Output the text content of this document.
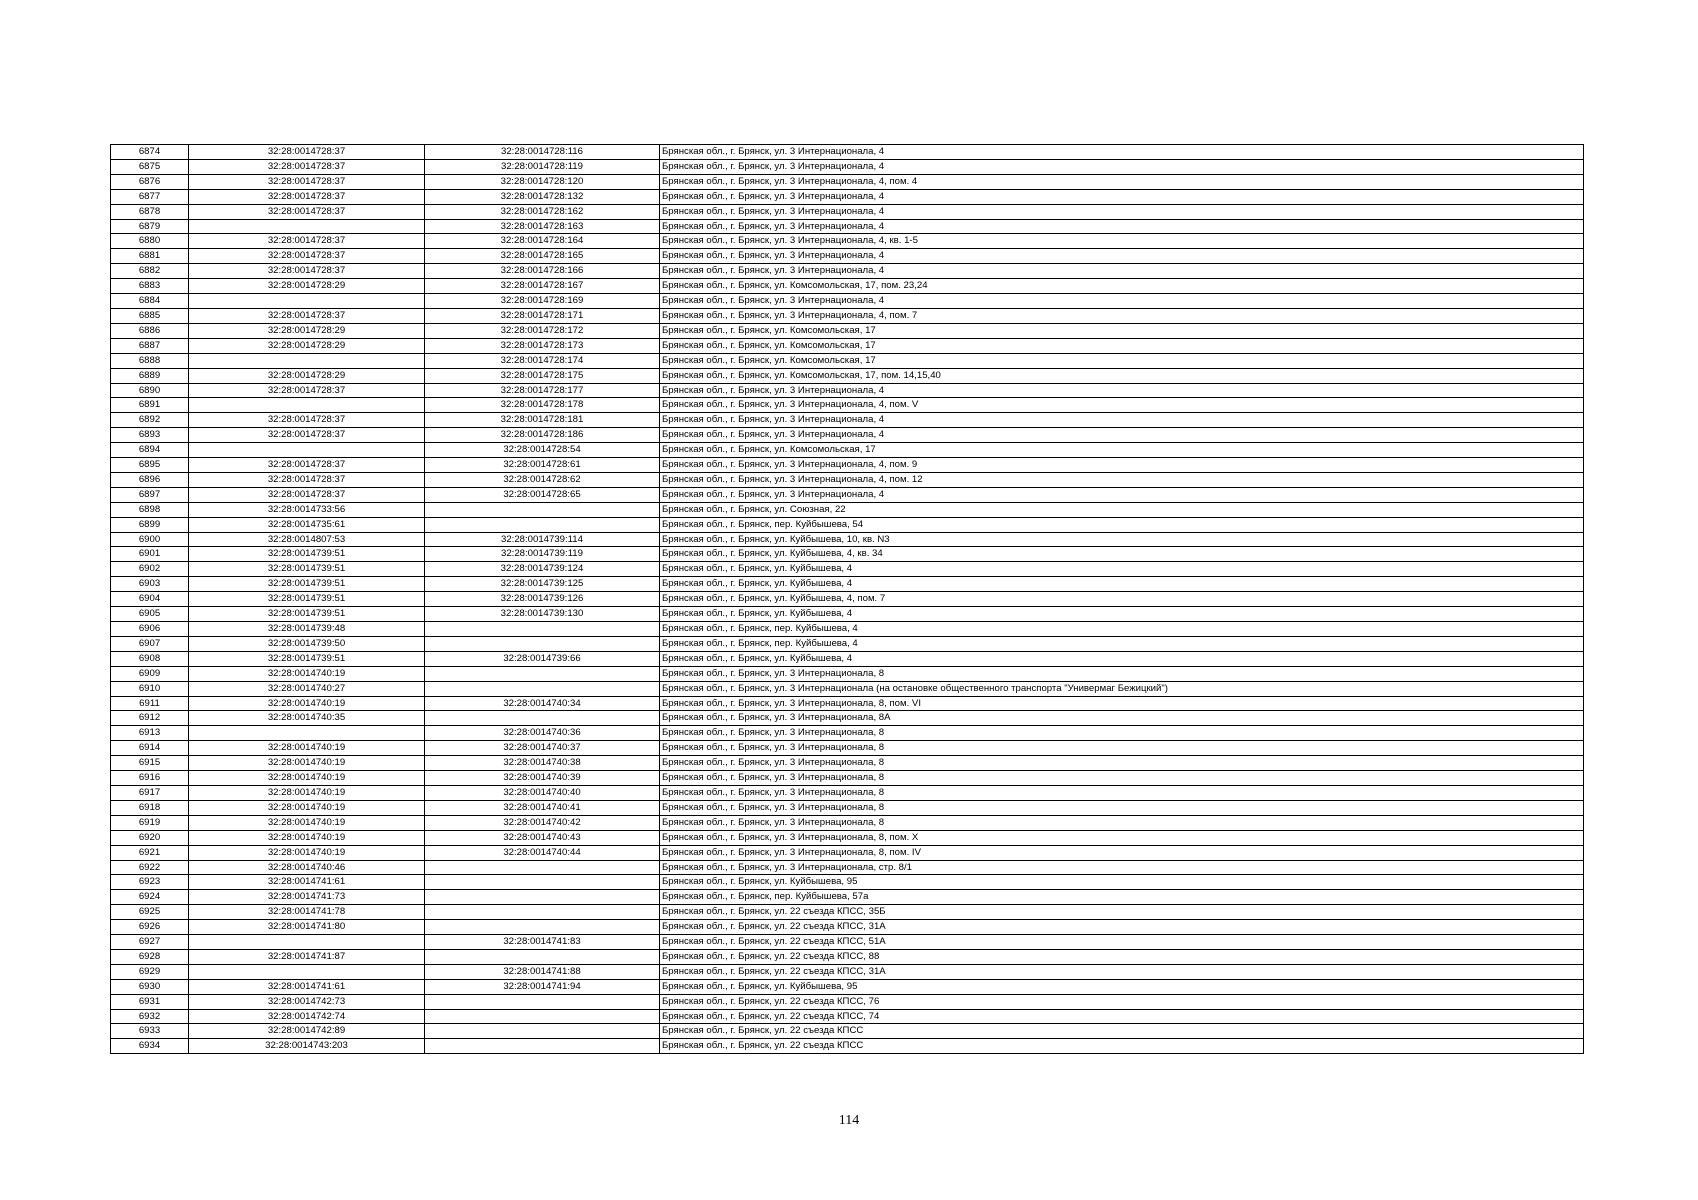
6874	32:28:0014728:37	32:28:0014728:116	Брянская обл., г. Брянск, ул. 3 Интернационала, 4
6875	32:28:0014728:37	32:28:0014728:119	Брянская обл., г. Брянск, ул. 3 Интернационала, 4
6876	32:28:0014728:37	32:28:0014728:120	Брянская обл., г. Брянск, ул. 3 Интернационала, 4, пом. 4
6877	32:28:0014728:37	32:28:0014728:132	Брянская обл., г. Брянск, ул. 3 Интернационала, 4
6878	32:28:0014728:37	32:28:0014728:162	Брянская обл., г. Брянск, ул. 3 Интернационала, 4
6879		32:28:0014728:163	Брянская обл., г. Брянск, ул. 3 Интернационала, 4
6880	32:28:0014728:37	32:28:0014728:164	Брянская обл., г. Брянск, ул. 3 Интернационала, 4, кв. 1-5
6881	32:28:0014728:37	32:28:0014728:165	Брянская обл., г. Брянск, ул. 3 Интернационала, 4
6882	32:28:0014728:37	32:28:0014728:166	Брянская обл., г. Брянск, ул. 3 Интернационала, 4
6883	32:28:0014728:29	32:28:0014728:167	Брянская обл., г. Брянск, ул. Комсомольская, 17, пом. 23,24
6884		32:28:0014728:169	Брянская обл., г. Брянск, ул. 3 Интернационала, 4
6885	32:28:0014728:37	32:28:0014728:171	Брянская обл., г. Брянск, ул. 3 Интернационала, 4, пом. 7
6886	32:28:0014728:29	32:28:0014728:172	Брянская обл., г. Брянск, ул. Комсомольская, 17
6887	32:28:0014728:29	32:28:0014728:173	Брянская обл., г. Брянск, ул. Комсомольская, 17
6888		32:28:0014728:174	Брянская обл., г. Брянск, ул. Комсомольская, 17
6889	32:28:0014728:29	32:28:0014728:175	Брянская обл., г. Брянск, ул. Комсомольская, 17, пом. 14,15,40
6890	32:28:0014728:37	32:28:0014728:177	Брянская обл., г. Брянск, ул. 3 Интернационала, 4
6891		32:28:0014728:178	Брянская обл., г. Брянск, ул. 3 Интернационала, 4, пом. V
6892	32:28:0014728:37	32:28:0014728:181	Брянская обл., г. Брянск, ул. 3 Интернационала, 4
6893	32:28:0014728:37	32:28:0014728:186	Брянская обл., г. Брянск, ул. 3 Интернационала, 4
6894		32:28:0014728:54	Брянская обл., г. Брянск, ул. Комсомольская, 17
6895	32:28:0014728:37	32:28:0014728:61	Брянская обл., г. Брянск, ул. 3 Интернационала, 4, пом. 9
6896	32:28:0014728:37	32:28:0014728:62	Брянская обл., г. Брянск, ул. 3 Интернационала, 4, пом. 12
6897	32:28:0014728:37	32:28:0014728:65	Брянская обл., г. Брянск, ул. 3 Интернационала, 4
6898	32:28:0014733:56		Брянская обл., г. Брянск, ул. Союзная, 22
6899	32:28:0014735:61		Брянская обл., г. Брянск, пер. Куйбышева, 54
6900	32:28:0014807:53	32:28:0014739:114	Брянская обл., г. Брянск, ул. Куйбышева, 10, кв. N3
6901	32:28:0014739:51	32:28:0014739:119	Брянская обл., г. Брянск, ул. Куйбышева, 4, кв. 34
6902	32:28:0014739:51	32:28:0014739:124	Брянская обл., г. Брянск, ул. Куйбышева, 4
6903	32:28:0014739:51	32:28:0014739:125	Брянская обл., г. Брянск, ул. Куйбышева, 4
6904	32:28:0014739:51	32:28:0014739:126	Брянская обл., г. Брянск, ул. Куйбышева, 4, пом. 7
6905	32:28:0014739:51	32:28:0014739:130	Брянская обл., г. Брянск, ул. Куйбышева, 4
6906	32:28:0014739:48		Брянская обл., г. Брянск, пер. Куйбышева, 4
6907	32:28:0014739:50		Брянская обл., г. Брянск, пер. Куйбышева, 4
6908	32:28:0014739:51	32:28:0014739:66	Брянская обл., г. Брянск, ул. Куйбышева, 4
6909	32:28:0014740:19		Брянская обл., г. Брянск, ул. 3 Интернационала, 8
6910	32:28:0014740:27		Брянская обл., г. Брянск, ул. 3 Интернационала (на остановке общественного транспорта "Универмаг Бежицкий")
6911	32:28:0014740:19	32:28:0014740:34	Брянская обл., г. Брянск, ул. 3 Интернационала, 8, пом. VI
6912	32:28:0014740:35		Брянская обл., г. Брянск, ул. 3 Интернационала, 8А
6913		32:28:0014740:36	Брянская обл., г. Брянск, ул. 3 Интернационала, 8
6914	32:28:0014740:19	32:28:0014740:37	Брянская обл., г. Брянск, ул. 3 Интернационала, 8
6915	32:28:0014740:19	32:28:0014740:38	Брянская обл., г. Брянск, ул. 3 Интернационала, 8
6916	32:28:0014740:19	32:28:0014740:39	Брянская обл., г. Брянск, ул. 3 Интернационала, 8
6917	32:28:0014740:19	32:28:0014740:40	Брянская обл., г. Брянск, ул. 3 Интернационала, 8
6918	32:28:0014740:19	32:28:0014740:41	Брянская обл., г. Брянск, ул. 3 Интернационала, 8
6919	32:28:0014740:19	32:28:0014740:42	Брянская обл., г. Брянск, ул. 3 Интернационала, 8
6920	32:28:0014740:19	32:28:0014740:43	Брянская обл., г. Брянск, ул. 3 Интернационала, 8, пом. X
6921	32:28:0014740:19	32:28:0014740:44	Брянская обл., г. Брянск, ул. 3 Интернационала, 8, пом. IV
6922	32:28:0014740:46		Брянская обл., г. Брянск, ул. 3 Интернационала, стр. 8/1
6923	32:28:0014741:61		Брянская обл., г. Брянск, ул. Куйбышева, 95
6924	32:28:0014741:73		Брянская обл., г. Брянск, пер. Куйбышева, 57а
6925	32:28:0014741:78		Брянская обл., г. Брянск, ул. 22 съезда КПСС, 35Б
6926	32:28:0014741:80		Брянская обл., г. Брянск, ул. 22 съезда КПСС, 31А
6927		32:28:0014741:83	Брянская обл., г. Брянск, ул. 22 съезда КПСС, 51А
6928	32:28:0014741:87		Брянская обл., г. Брянск, ул. 22 съезда КПСС, 88
6929		32:28:0014741:88	Брянская обл., г. Брянск, ул. 22 съезда КПСС, 31А
6930	32:28:0014741:61	32:28:0014741:94	Брянская обл., г. Брянск, ул. Куйбышева, 95
6931	32:28:0014742:73		Брянская обл., г. Брянск, ул. 22 съезда КПСС, 76
6932	32:28:0014742:74		Брянская обл., г. Брянск, ул. 22 съезда КПСС, 74
6933	32:28:0014742:89		Брянская обл., г. Брянск, ул. 22 съезда КПСС
6934	32:28:0014743:203		Брянская обл., г. Брянск, ул. 22 съезда КПСС
114
